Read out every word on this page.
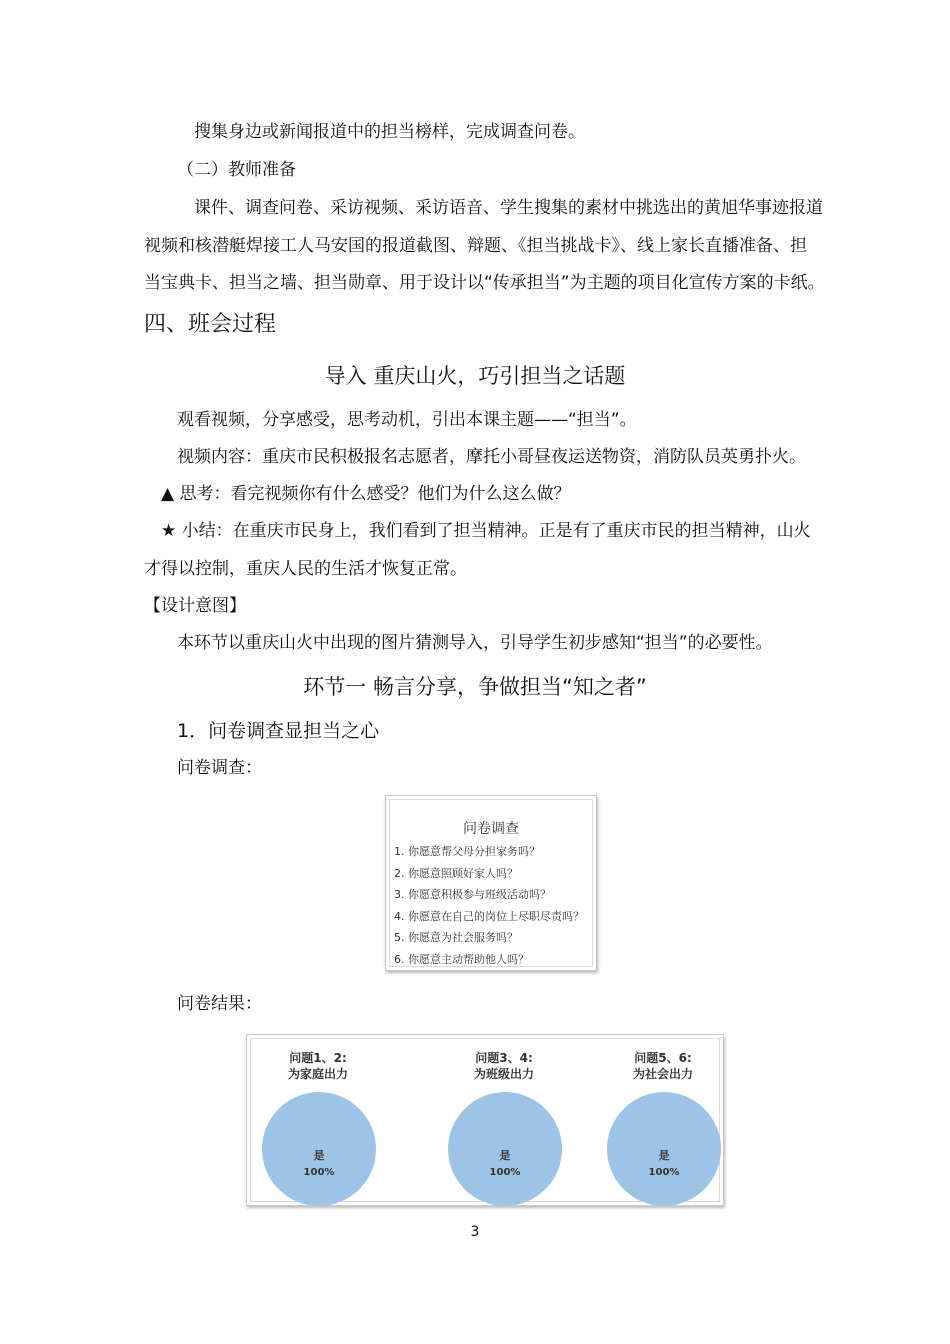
搜集身边或新闻报道中的担当榜样，完成调查问卷。

（二）教师准备

课件、调查问卷、采访视频、采访语音、学生搜集的素材中挑选出的黄旭华事迹报道

视频和核潜艇焊接工人马安国的报道截图、辩题、《担当挑战卡》、线上家长直播准备、担

当宝典卡、担当之墙、担当勋章、用于设计以“传承担当”为主题的项目化宣传方案的卡纸。

四、班会过程
导入 重庆山火，巧引担当之话题

观看视频，分享感受，思考动机，引出本课主题——“担当”。

视频内容：重庆市民积极报名志愿者，摩托小哥昼夜运送物资，消防队员英勇扑火。

▲ 思考：看完视频你有什么感受？他们为什么这么做？

★ 小结：在重庆市民身上，我们看到了担当精神。正是有了重庆市民的担当精神，山火

才得以控制，重庆人民的生活才恢复正常。

【设计意图】

本环节以重庆山火中出现的图片猜测导入，引导学生初步感知“担当”的必要性。

环节一 畅言分享，争做担当“知之者”
1．问卷调查显担当之心

问卷调查：

问卷调查
1. 你愿意帮父母分担家务吗？
2. 你愿意照顾好家人吗？
3. 你愿意积极参与班级活动吗？
4. 你愿意在自己的岗位上尽职尽责吗？
5. 你愿意为社会服务吗？
6. 你愿意主动帮助他人吗？

问卷结果：

问题1、2:
为家庭出力
是
100%
问题3、4:
为班级出力
是
100%
问题5、6:
为社会出力
是
100%
3
